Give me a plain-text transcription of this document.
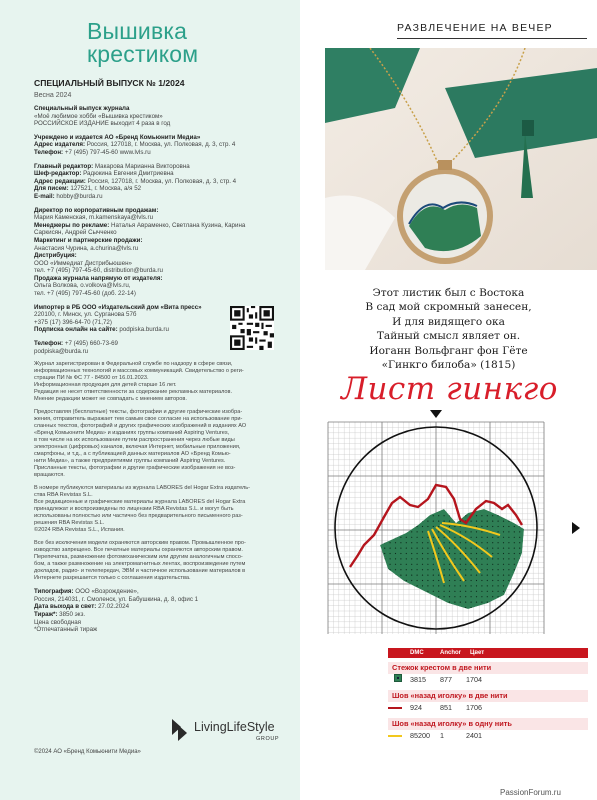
Вышивка
крестиком
СПЕЦИАЛЬНЫЙ ВЫПУСК № 1/2024
Весна 2024
Специальный выпуск журнала
«Моё любимое хобби «Вышивка крестиком»
РОССИЙСКОЕ ИЗДАНИЕ выходит 4 раза в год
Учреждено и издается АО «Бренд Комьюнити Медиа»
Адрес издателя: Россия, 127018, г. Москва, ул. Полковая, д. 3, стр. 4
Телефон: +7 (495) 797-45-60 www.lvls.ru
Главный редактор: Макарова Марианна Викторовна
Шеф-редактор: Радюкина Евгения Дмитриевна
Адрес редакции: Россия, 127018, г. Москва, ул. Полковая, д. 3, стр. 4
Для писем: 127521, г. Москва, а/я 52
E-mail: hobby@burda.ru
Директор по корпоративным продажам:
Мария Каменская, m.kamenskaya@lvls.ru
Менеджеры по рекламе: Наталья Авраменко, Светлана Кузина, Карина
Саркисян, Андрей Сычченко
Маркетинг и партнерские продажи:
Анастасия Чурина, a.churina@lvls.ru
Дистрибуция:
ООО «Иммедиат Дистрибьюшен»
тел. +7 (495) 797-45-60, distribution@burda.ru
Продажа журнала напрямую от издателя:
Ольга Волкова, o.volkova@lvls.ru,
тел. +7 (495) 797-45-60 (доб. 22-14)
Импортер в РБ ООО «Издательский дом «Вита пресс»
220100, г. Минск, ул. Сурганова 57б
+375 (17) 396-64-70 (71,72)
Подписка онлайн на сайте: podpiska.burda.ru
Телефон: +7 (495) 660-73-69
podpiska@burda.ru
Журнал зарегистрирован в Федеральной службе по надзору в сфере связи,
информационных технологий и массовых коммуникаций. Свидетельство о реги-
страции ПИ № ФС 77 - 84500 от 16.01.2023.
Информационная продукция для детей старше 16 лет.
Редакция не несет ответственности за содержание рекламных материалов.
Мнение редакции может не совпадать с мнением авторов.
Предоставляя (бесплатные) тексты, фотографии и другие графические изобра-
жения, отправитель выражает тем самым свое согласие на использование при-
сланных текстов, фотографий и других графических изображений в изданиях АО
«Бренд Комьюнити Медиа» и изданиях группы компаний Aspiring Ventures,
в том числе на их использование путем распространения через любые виды
электронных (цифровых) каналов, включая Интернет, мобильные приложения,
смартфоны, и т.д., а с публикацией данных материалов АО «Бренд Комью-
нити Медиа», а также предприятиями группы компаний Aspiring Ventures.
Присланные тексты, фотографии и другие графические изображения не воз-
вращаются.
В номере публикуются материалы из журнала LABORES del Hogar Extra издатель-
ства RBA Revistas S.L.
Все редакционные и графические материалы журнала LABORES del Hogar Extra
принадлежат и воспроизведены по лицензии RBA Revistas S.L. и могут быть
использованы полностью или частично без предварительного письменного раз-
решения RBA Revistas S.L.
©2024 RBA Revistas S.L., Испания.
Все без исключения модели охраняются авторским правом. Промышленное про-
изводство запрещено. Все печатные материалы охраняются авторским правом.
Перепечатка, размножение фотомеханическим или другим аналогичным спосо-
бом, а также размножение на электромагнитных лентах, воспроизведение путем
докладов, радио- и телепередач, ЭВМ и частичное использование материалов в
Интернете разрешается только с соглашения издательства.
Типография: ООО «Возрождение»,
Россия, 214031, г. Смоленск, ул. Бабушкина, д. 8, офис 1
Дата выхода в свет: 27.02.2024
Тираж*: 3850 экз.
Цена свободная
*Отпечатанный тираж
LivingLifeStyle
GROUP
©2024 АО «Бренд Комьюнити Медиа»
РАЗВЛЕЧЕНИЕ НА ВЕЧЕР
PassionForum.ru
Этот листик был с Востока
В сад мой скромный занесен,
И для видящего ока
Тайный смысл являет он.
Иоганн Вольфганг фон Гёте
«Гинкго билоба» (1815)
Лист гинкго
DMC	Anchor	Цвет
Стежок крестом в две нити
3815	877	1704
Шов «назад иголку» в две нити
924	851	1706
Шов «назад иголку» в одну нить
85200	1	2401
